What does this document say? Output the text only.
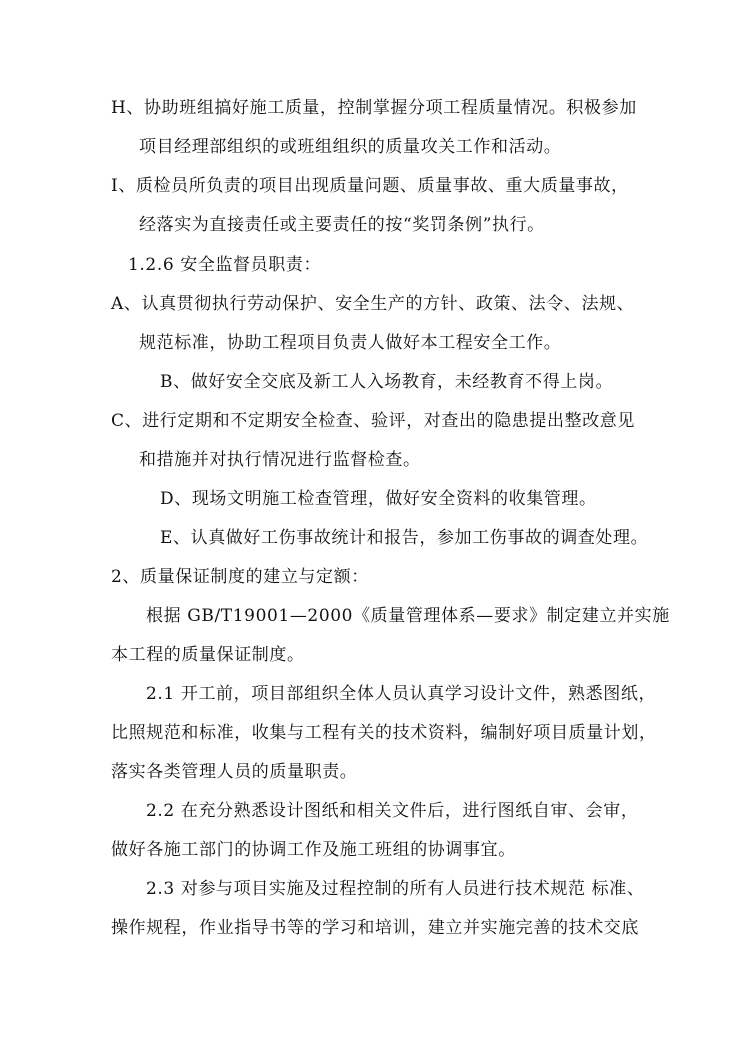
H、协助班组搞好施工质量，控制掌握分项工程质量情况。积极参加
项目经理部组织的或班组组织的质量攻关工作和活动。
I、质检员所负责的项目出现质量问题、质量事故、重大质量事故，
经落实为直接责任或主要责任的按“奖罚条例”执行。
1.2.6 安全监督员职责：
A、认真贯彻执行劳动保护、安全生产的方针、政策、法令、法规、
规范标准，协助工程项目负责人做好本工程安全工作。
B、做好安全交底及新工人入场教育，未经教育不得上岗。
C、进行定期和不定期安全检查、验评，对查出的隐患提出整改意见
和措施并对执行情况进行监督检查。
D、现场文明施工检查管理，做好安全资料的收集管理。
E、认真做好工伤事故统计和报告，参加工伤事故的调查处理。
2、质量保证制度的建立与定额：
根据 GB/T19001—2000《质量管理体系—要求》制定建立并实施
本工程的质量保证制度。
2.1 开工前，项目部组织全体人员认真学习设计文件，熟悉图纸，
比照规范和标准，收集与工程有关的技术资料，编制好项目质量计划，
落实各类管理人员的质量职责。
2.2 在充分熟悉设计图纸和相关文件后，进行图纸自审、会审，
做好各施工部门的协调工作及施工班组的协调事宜。
2.3 对参与项目实施及过程控制的所有人员进行技术规范 标准、
操作规程，作业指导书等的学习和培训，建立并实施完善的技术交底
